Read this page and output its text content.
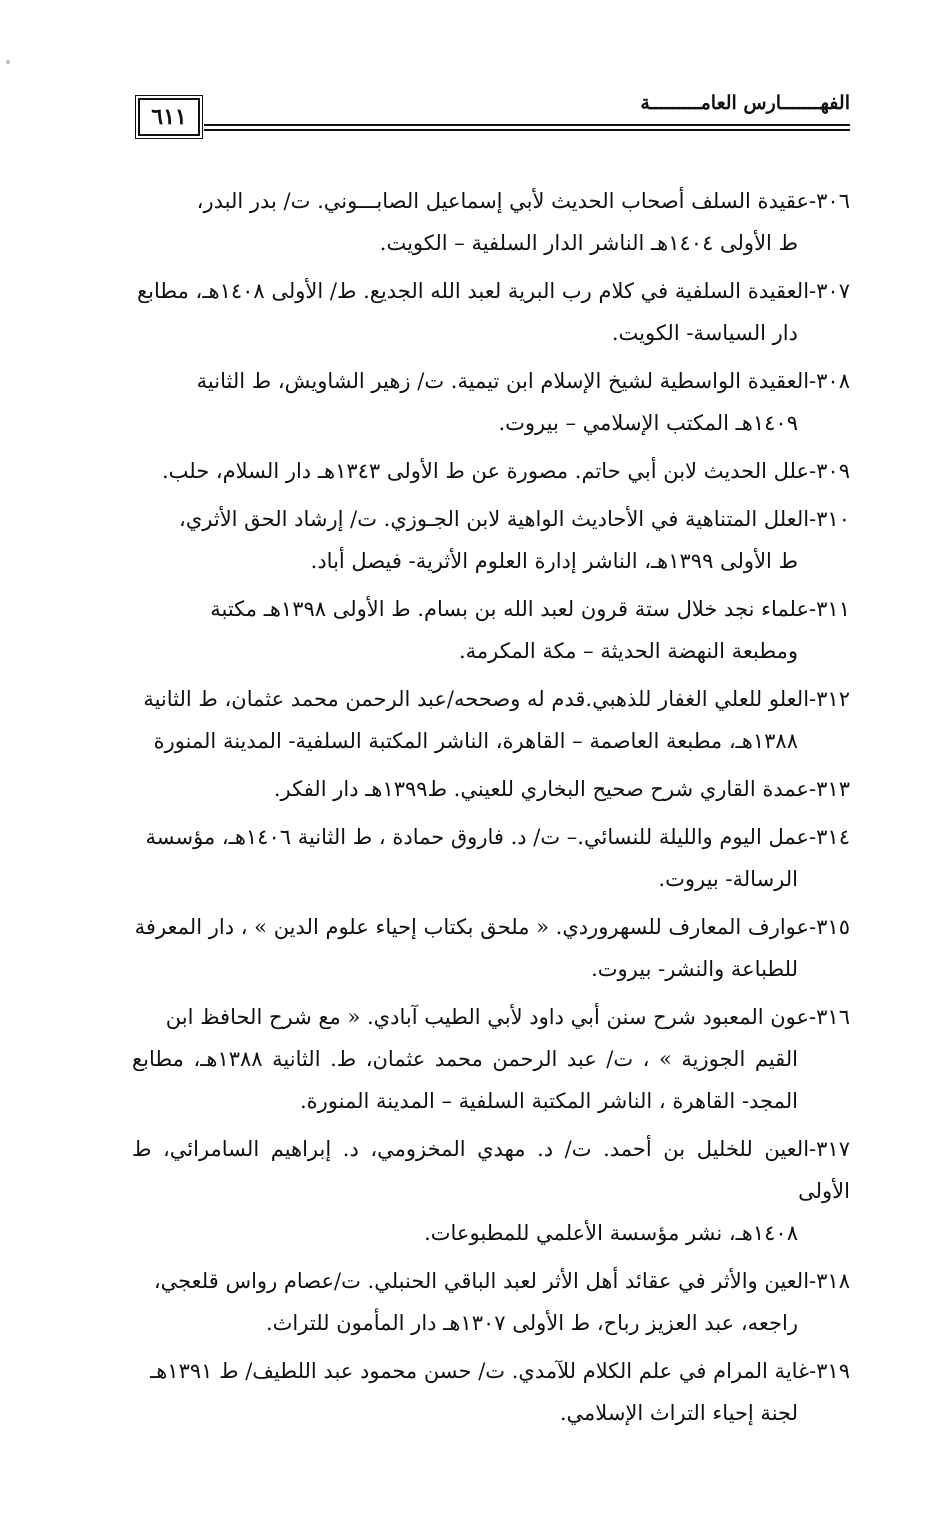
٦١١
الفهـــــــارس العامـــــــــة
٣٠٦-عقيدة السلف أصحاب الحديث لأبي إسماعيل الصابـــوني. ت/ بدر البدر،
ط الأولى ١٤٠٤هـ الناشر الدار السلفية – الكويت.
٣٠٧-العقيدة السلفية في كلام رب البرية لعبد الله الجديع. ط/ الأولى ١٤٠٨هـ، مطابع
دار السياسة- الكويت.
٣٠٨-العقيدة الواسطية لشيخ الإسلام ابن تيمية. ت/ زهير الشاويش، ط الثانية
١٤٠٩هـ المكتب الإسلامي – بيروت.
٣٠٩-علل الحديث لابن أبي حاتم. مصورة عن ط الأولى ١٣٤٣هـ دار السلام، حلب.
٣١٠-العلل المتناهية في الأحاديث الواهية لابن الجـوزي. ت/ إرشاد الحق الأثري،
ط الأولى ١٣٩٩هـ، الناشر إدارة العلوم الأثرية- فيصل أباد.
٣١١-علماء نجد خلال ستة قرون لعبد الله بن بسام. ط الأولى ١٣٩٨هـ مكتبة
ومطبعة النهضة الحديثة – مكة المكرمة.
٣١٢-العلو للعلي الغفار للذهبي.قدم له وصححه/عبد الرحمن محمد عثمان، ط الثانية
١٣٨٨هـ، مطبعة العاصمة – القاهرة، الناشر المكتبة السلفية- المدينة المنورة
٣١٣-عمدة القاري شرح صحيح البخاري للعيني. ط١٣٩٩هـ دار الفكر.
٣١٤-عمل اليوم والليلة للنسائي.– ت/ د. فاروق حمادة ، ط الثانية ١٤٠٦هـ، مؤسسة
الرسالة- بيروت.
٣١٥-عوارف المعارف للسهروردي. « ملحق بكتاب إحياء علوم الدين » ، دار المعرفة
للطباعة والنشر- بيروت.
٣١٦-عون المعبود شرح سنن أبي داود لأبي الطيب آبادي. « مع شرح الحافظ ابن
القيم الجوزية » ، ت/ عبد الرحمن محمد عثمان، ط. الثانية ١٣٨٨هـ، مطابع المجد- القاهرة ، الناشر المكتبة السلفية – المدينة المنورة.
٣١٧-العين للخليل بن أحمد. ت/ د. مهدي المخزومي، د. إبراهيم السامرائي، ط الأولى
١٤٠٨هـ، نشر مؤسسة الأعلمي للمطبوعات.
٣١٨-العين والأثر في عقائد أهل الأثر لعبد الباقي الحنبلي. ت/عصام رواس قلعجي،
راجعه، عبد العزيز رباح، ط الأولى ١٣٠٧هـ دار المأمون للتراث.
٣١٩-غاية المرام في علم الكلام للآمدي. ت/ حسن محمود عبد اللطيف/ ط ١٣٩١هـ
لجنة إحياء التراث الإسلامي.
